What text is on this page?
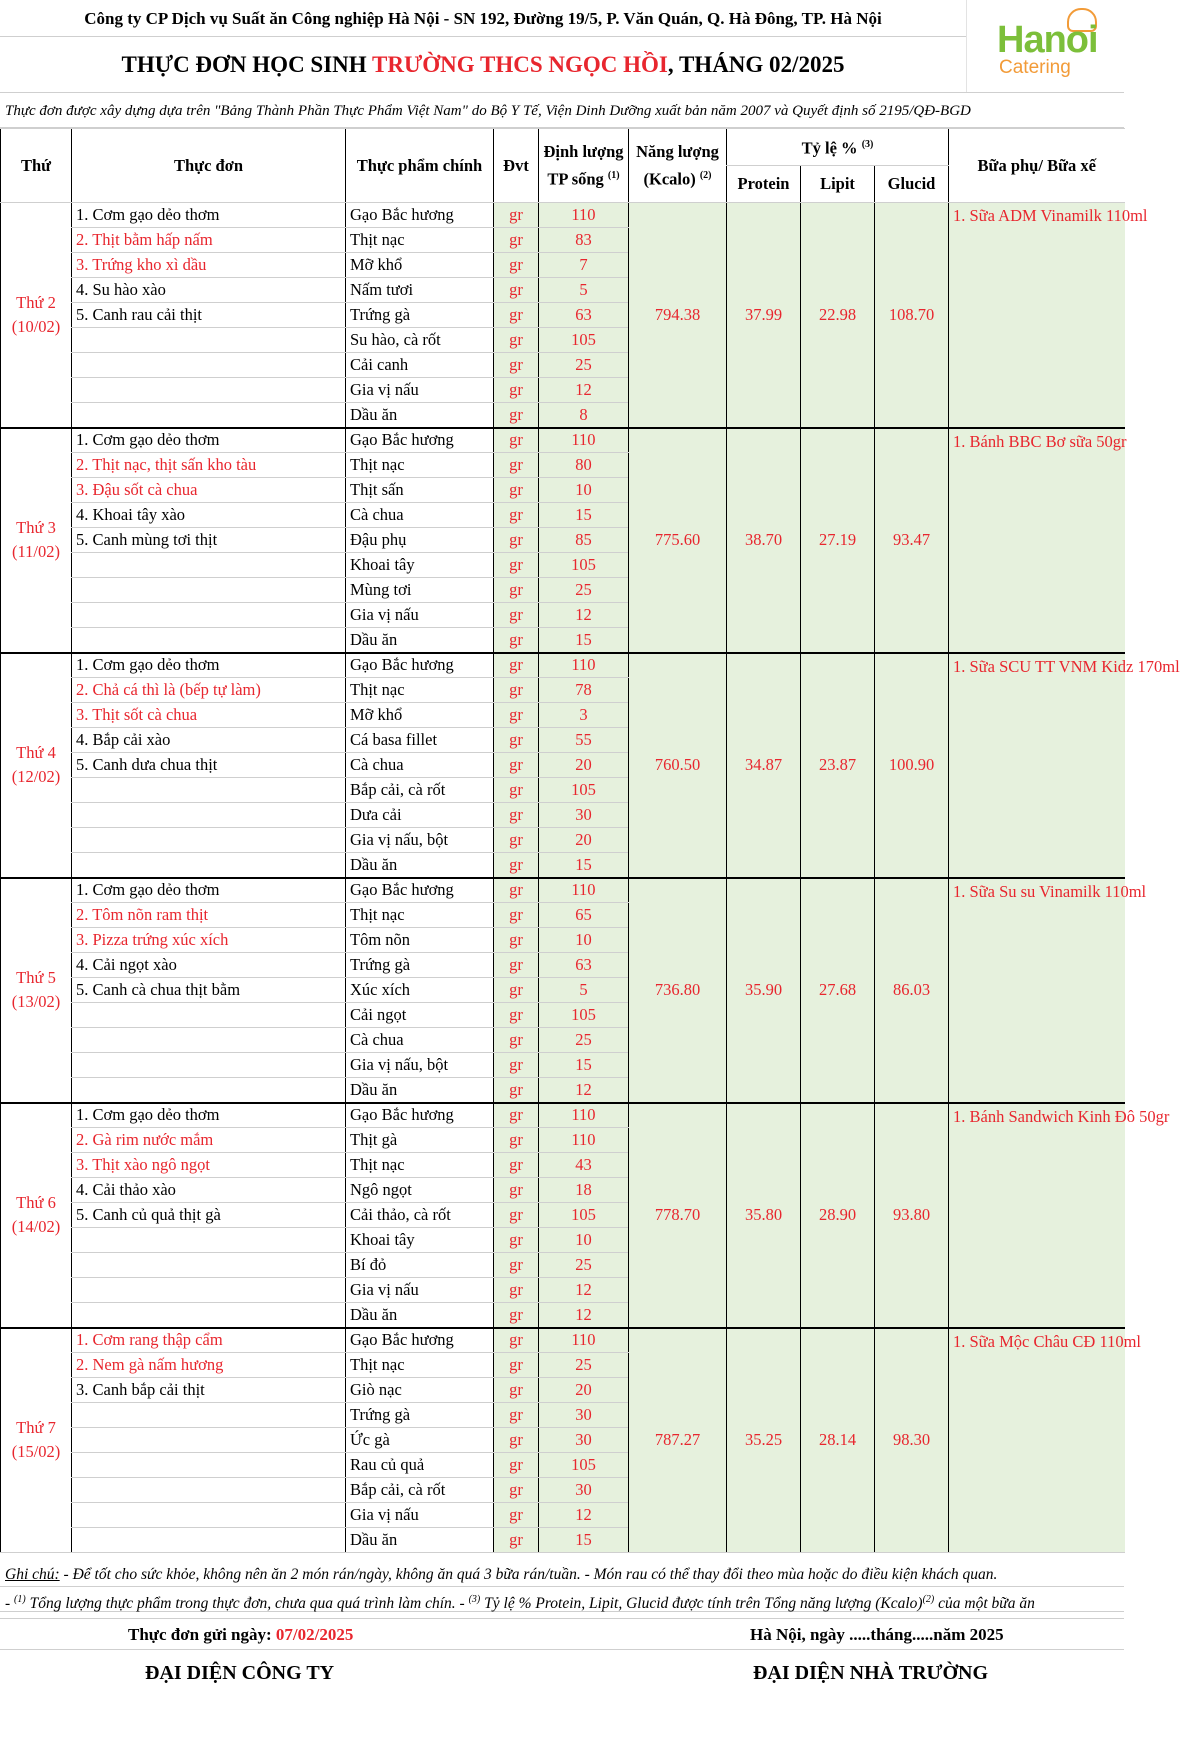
Công ty CP Dịch vụ Suất ăn Công nghiệp Hà Nội - SN 192, Đường 19/5, P. Văn Quán, Q. Hà Đông, TP. Hà Nội
THỰC ĐƠN HỌC SINH TRƯỜNG THCS NGỌC HỒI, THÁNG 02/2025
Hanoi
Catering
Thực đơn được xây dựng dựa trên "Bảng Thành Phần Thực Phẩm Việt Nam" do Bộ Y Tế, Viện Dinh Dưỡng xuất bản năm 2007 và Quyết định số 2195/QĐ-BGD
Thứ	Thực đơn	Thực phẩm chính	Đvt	Định lượng TP sống $^{(1)}$	Năng lượng (Kcalo) $^{(2)}$	Tỷ lệ % $^{(3)}$			Bữa phụ/ Bữa xế
						Protein	Lipit	Glucid	
Thứ 2
(10/02)	1. Cơm gạo dẻo thơm	Gạo Bắc hương	gr	110	794.38	37.99	22.98	108.70	1. Sữa ADM Vinamilk 110ml
	2. Thịt bằm hấp nấm	Thịt nạc	gr	83					
	3. Trứng kho xì dầu	Mỡ khổ	gr	7					
	4. Su hào xào	Nấm tươi	gr	5					
	5. Canh rau cải thịt	Trứng gà	gr	63					
		Su hào, cà rốt	gr	105					
		Cải canh	gr	25					
		Gia vị nấu	gr	12					
		Dầu ăn	gr	8					
Thứ 3
(11/02)	1. Cơm gạo dẻo thơm	Gạo Bắc hương	gr	110	775.60	38.70	27.19	93.47	1. Bánh BBC Bơ sữa 50gr
	2. Thịt nạc, thịt sấn kho tàu	Thịt nạc	gr	80					
	3. Đậu sốt cà chua	Thịt sấn	gr	10					
	4. Khoai tây xào	Cà chua	gr	15					
	5. Canh mùng tơi thịt	Đậu phụ	gr	85					
		Khoai tây	gr	105					
		Mùng tơi	gr	25					
		Gia vị nấu	gr	12					
		Dầu ăn	gr	15					
Thứ 4
(12/02)	1. Cơm gạo dẻo thơm	Gạo Bắc hương	gr	110	760.50	34.87	23.87	100.90	1. Sữa SCU TT VNM Kidz 170ml
	2. Chả cá thì là (bếp tự làm)	Thịt nạc	gr	78					
	3. Thịt sốt cà chua	Mỡ khổ	gr	3					
	4. Bắp cải xào	Cá basa fillet	gr	55					
	5. Canh dưa chua thịt	Cà chua	gr	20					
		Bắp cải, cà rốt	gr	105					
		Dưa cải	gr	30					
		Gia vị nấu, bột	gr	20					
		Dầu ăn	gr	15					
Thứ 5
(13/02)	1. Cơm gạo dẻo thơm	Gạo Bắc hương	gr	110	736.80	35.90	27.68	86.03	1. Sữa Su su Vinamilk 110ml
	2. Tôm nõn ram thịt	Thịt nạc	gr	65					
	3. Pizza trứng xúc xích	Tôm nõn	gr	10					
	4. Cải ngọt xào	Trứng gà	gr	63					
	5. Canh cà chua thịt bằm	Xúc xích	gr	5					
		Cải ngọt	gr	105					
		Cà chua	gr	25					
		Gia vị nấu, bột	gr	15					
		Dầu ăn	gr	12					
Thứ 6
(14/02)	1. Cơm gạo dẻo thơm	Gạo Bắc hương	gr	110	778.70	35.80	28.90	93.80	1. Bánh Sandwich Kinh Đô 50gr
	2. Gà rim nước mắm	Thịt gà	gr	110					
	3. Thịt xào ngô ngọt	Thịt nạc	gr	43					
	4. Cải thảo xào	Ngô ngọt	gr	18					
	5. Canh củ quả thịt gà	Cải thảo, cà rốt	gr	105					
		Khoai tây	gr	10					
		Bí đỏ	gr	25					
		Gia vị nấu	gr	12					
		Dầu ăn	gr	12					
Thứ 7
(15/02)	1. Cơm rang thập cẩm	Gạo Bắc hương	gr	110	787.27	35.25	28.14	98.30	1. Sữa Mộc Châu CĐ 110ml
	2. Nem gà nấm hương	Thịt nạc	gr	25					
	3. Canh bắp cải thịt	Giò nạc	gr	20					
		Trứng gà	gr	30					
		Ức gà	gr	30					
		Rau củ quả	gr	105					
		Bắp cải, cà rốt	gr	30					
		Gia vị nấu	gr	12					
		Dầu ăn	gr	15					
Ghi chú: - Để tốt cho sức khỏe, không nên ăn 2 món rán/ngày, không ăn quá 3 bữa rán/tuần. - Món rau có thể thay đổi theo mùa hoặc do điều kiện khách quan.
- $^{(1)}$ Tổng lượng thực phẩm trong thực đơn, chưa qua quá trình làm chín. - $^{(3)}$ Tỷ lệ % Protein, Lipit, Glucid được tính trên Tổng năng lượng (Kcalo)$^{(2)}$ của một bữa ăn
Thực đơn gửi ngày: 07/02/2025	Hà Nội, ngày .....tháng.....năm 2025
ĐẠI DIỆN CÔNG TY	ĐẠI DIỆN NHÀ TRƯỜNG
